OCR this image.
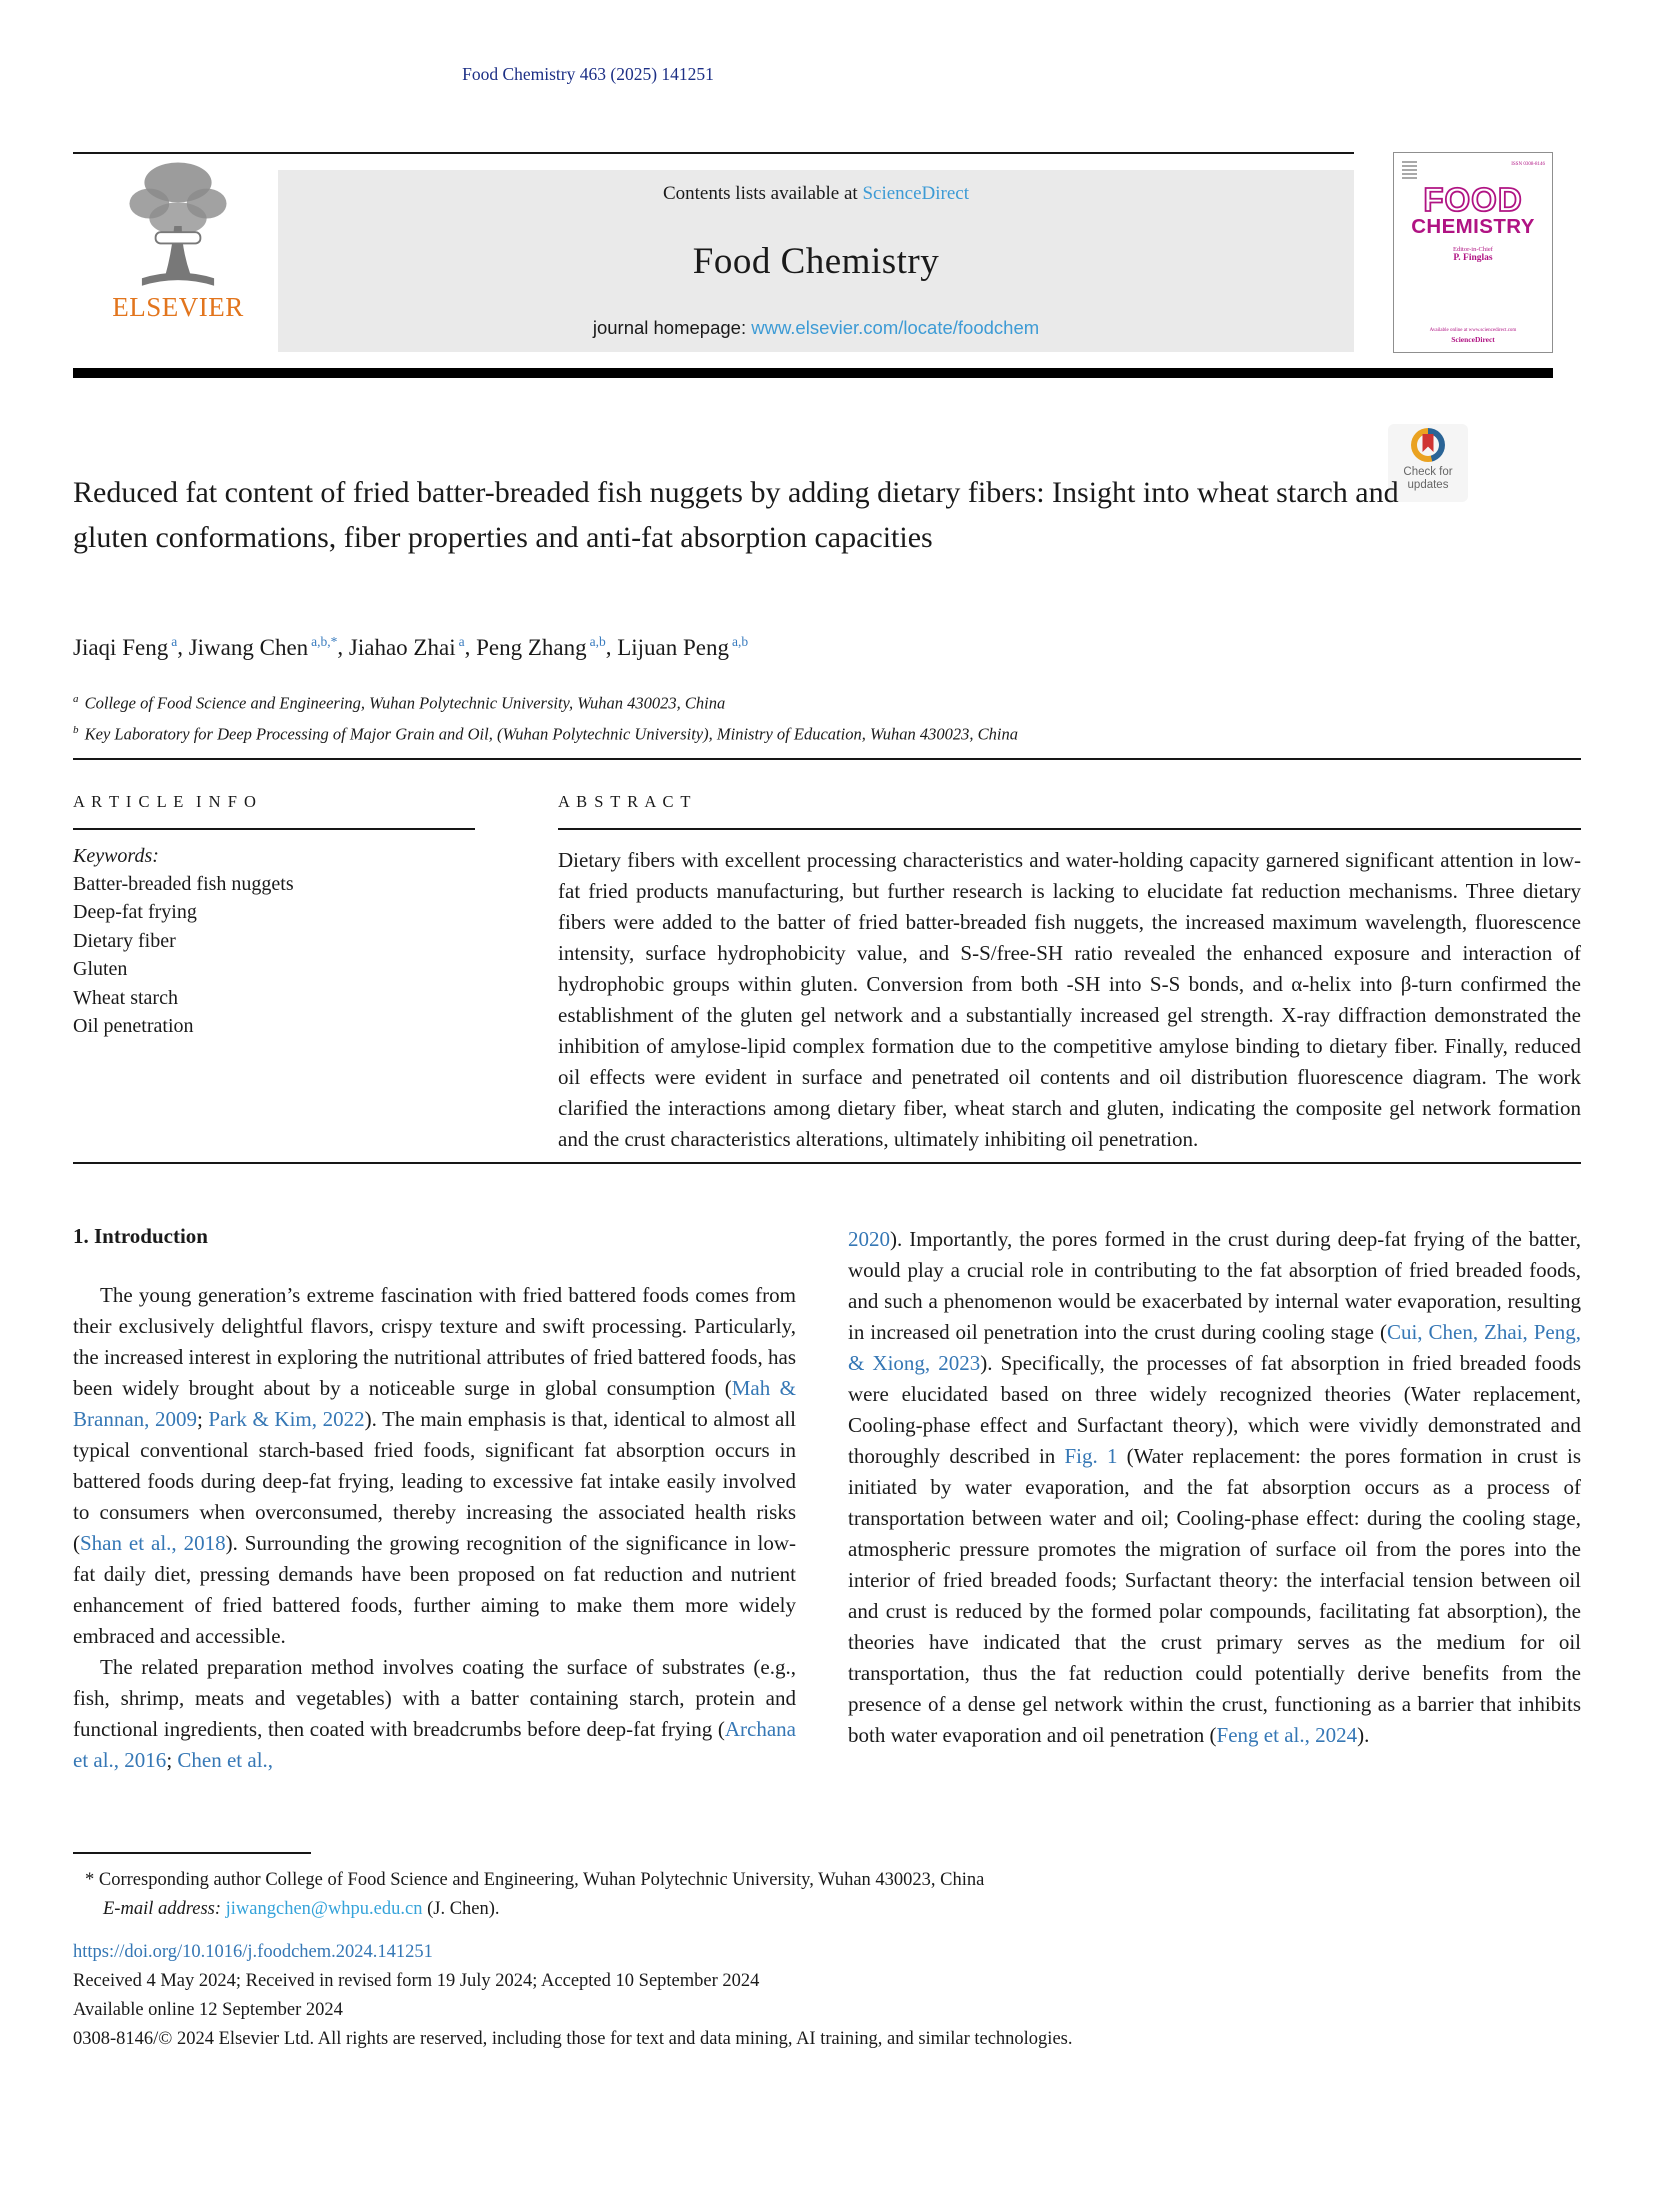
Food Chemistry 463 (2025) 141251
ELSEVIER
Contents lists available at ScienceDirect
Food Chemistry
journal homepage: www.elsevier.com/locate/foodchem
ISSN 0308-8146
FOOD
CHEMISTRY
Editor-in-Chief
P. Finglas
Available online at www.sciencedirect.com
ScienceDirect
Check for
updates
Reduced fat content of fried batter-breaded fish nuggets by adding dietary fibers: Insight into wheat starch and gluten conformations, fiber properties and anti-fat absorption capacities
Jiaqi Feng $^a$, Jiwang Chen $^{a,b,*}$, Jiahao Zhai $^a$, Peng Zhang $^{a,b}$, Lijuan Peng $^{a,b}$
$^a$ College of Food Science and Engineering, Wuhan Polytechnic University, Wuhan 430023, China
$^b$ Key Laboratory for Deep Processing of Major Grain and Oil, (Wuhan Polytechnic University), Ministry of Education, Wuhan 430023, China
A R T I C L E  I N F O
Keywords:
Batter-breaded fish nuggets
Deep-fat frying
Dietary fiber
Gluten
Wheat starch
Oil penetration
A B S T R A C T

Dietary fibers with excellent processing characteristics and water-holding capacity garnered significant attention in low-fat fried products manufacturing, but further research is lacking to elucidate fat reduction mechanisms. Three dietary fibers were added to the batter of fried batter-breaded fish nuggets, the increased maximum wavelength, fluorescence intensity, surface hydrophobicity value, and S-S/free-SH ratio revealed the enhanced exposure and interaction of hydrophobic groups within gluten. Conversion from both -SH into S-S bonds, and α-helix into β-turn confirmed the establishment of the gluten gel network and a substantially increased gel strength. X-ray diffraction demonstrated the inhibition of amylose-lipid complex formation due to the competitive amylose binding to dietary fiber. Finally, reduced oil effects were evident in surface and penetrated oil contents and oil distribution fluorescence diagram. The work clarified the interactions among dietary fiber, wheat starch and gluten, indicating the composite gel network formation and the crust characteristics alterations, ultimately inhibiting oil penetration.

1. Introduction

The young generation’s extreme fascination with fried battered foods comes from their exclusively delightful flavors, crispy texture and swift processing. Particularly, the increased interest in exploring the nutritional attributes of fried battered foods, has been widely brought about by a noticeable surge in global consumption (Mah & Brannan, 2009; Park & Kim, 2022). The main emphasis is that, identical to almost all typical conventional starch-based fried foods, significant fat absorption occurs in battered foods during deep-fat frying, leading to excessive fat intake easily involved to consumers when overconsumed, thereby increasing the associated health risks (Shan et al., 2018). Surrounding the growing recognition of the significance in low-fat daily diet, pressing demands have been proposed on fat reduction and nutrient enhancement of fried battered foods, further aiming to make them more widely embraced and accessible.

The related preparation method involves coating the surface of substrates (e.g., fish, shrimp, meats and vegetables) with a batter containing starch, protein and functional ingredients, then coated with breadcrumbs before deep-fat frying (Archana et al., 2016; Chen et al.,

2020). Importantly, the pores formed in the crust during deep-fat frying of the batter, would play a crucial role in contributing to the fat absorption of fried breaded foods, and such a phenomenon would be exacerbated by internal water evaporation, resulting in increased oil penetration into the crust during cooling stage (Cui, Chen, Zhai, Peng, & Xiong, 2023). Specifically, the processes of fat absorption in fried breaded foods were elucidated based on three widely recognized theories (Water replacement, Cooling-phase effect and Surfactant theory), which were vividly demonstrated and thoroughly described in Fig. 1 (Water replacement: the pores formation in crust is initiated by water evaporation, and the fat absorption occurs as a process of transportation between water and oil; Cooling-phase effect: during the cooling stage, atmospheric pressure promotes the migration of surface oil from the pores into the interior of fried breaded foods; Surfactant theory: the interfacial tension between oil and crust is reduced by the formed polar compounds, facilitating fat absorption), the theories have indicated that the crust primary serves as the medium for oil transportation, thus the fat reduction could potentially derive benefits from the presence of a dense gel network within the crust, functioning as a barrier that inhibits both water evaporation and oil penetration (Feng et al., 2024).

* Corresponding author College of Food Science and Engineering, Wuhan Polytechnic University, Wuhan 430023, China
E-mail address: jiwangchen@whpu.edu.cn (J. Chen).
https://doi.org/10.1016/j.foodchem.2024.141251
Received 4 May 2024; Received in revised form 19 July 2024; Accepted 10 September 2024
Available online 12 September 2024
0308-8146/© 2024 Elsevier Ltd. All rights are reserved, including those for text and data mining, AI training, and similar technologies.
